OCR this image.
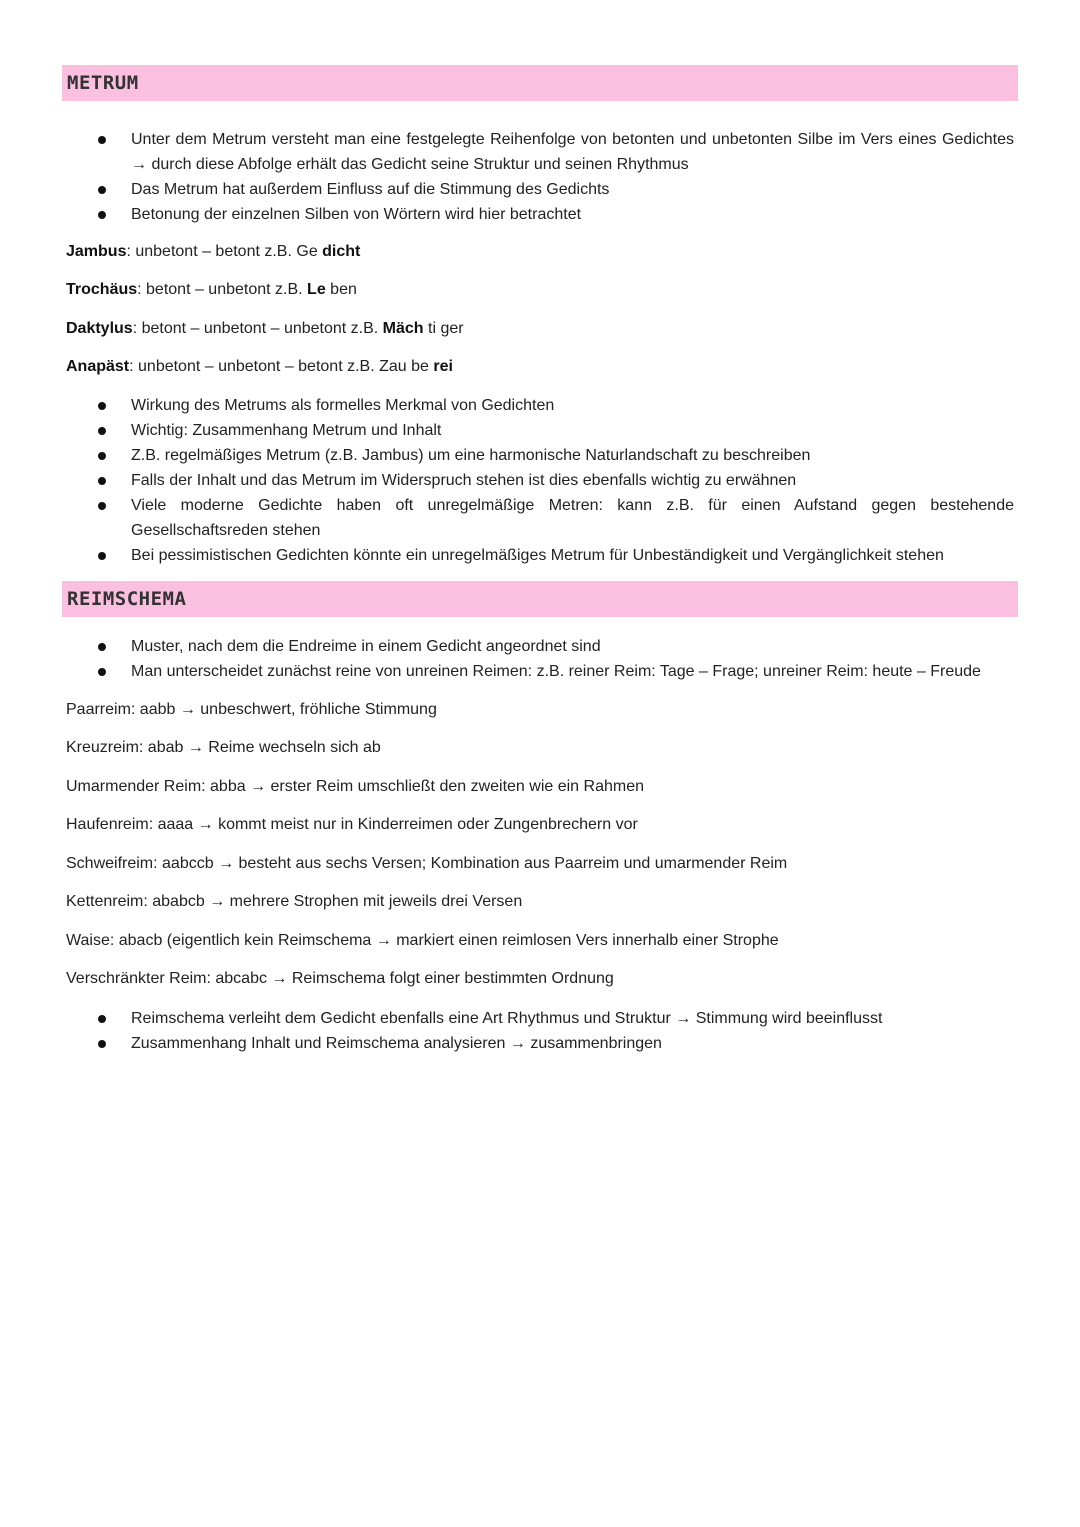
METRUM
Unter dem Metrum versteht man eine festgelegte Reihenfolge von betonten und unbetonten Silbe im Vers eines Gedichtes → durch diese Abfolge erhält das Gedicht seine Struktur und seinen Rhythmus
Das Metrum hat außerdem Einfluss auf die Stimmung des Gedichts
Betonung der einzelnen Silben von Wörtern wird hier betrachtet
Jambus: unbetont – betont z.B. Ge dicht
Trochäus: betont – unbetont z.B. Le ben
Daktylus: betont – unbetont – unbetont z.B. Mäch ti ger
Anapäst: unbetont – unbetont – betont z.B. Zau be rei
Wirkung des Metrums als formelles Merkmal von Gedichten
Wichtig: Zusammenhang Metrum und Inhalt
Z.B. regelmäßiges Metrum (z.B. Jambus) um eine harmonische Naturlandschaft zu beschreiben
Falls der Inhalt und das Metrum im Widerspruch stehen ist dies ebenfalls wichtig zu erwähnen
Viele moderne Gedichte haben oft unregelmäßige Metren: kann z.B. für einen Aufstand gegen bestehende Gesellschaftsreden stehen
Bei pessimistischen Gedichten könnte ein unregelmäßiges Metrum für Unbeständigkeit und Vergänglichkeit stehen
REIMSCHEMA
Muster, nach dem die Endreime in einem Gedicht angeordnet sind
Man unterscheidet zunächst reine von unreinen Reimen: z.B. reiner Reim: Tage – Frage; unreiner Reim: heute – Freude
Paarreim: aabb → unbeschwert, fröhliche Stimmung
Kreuzreim: abab → Reime wechseln sich ab
Umarmender Reim: abba → erster Reim umschließt den zweiten wie ein Rahmen
Haufenreim: aaaa → kommt meist nur in Kinderreimen oder Zungenbrechern vor
Schweifreim: aabccb → besteht aus sechs Versen; Kombination aus Paarreim und umarmender Reim
Kettenreim: ababcb → mehrere Strophen mit jeweils drei Versen
Waise: abacb (eigentlich kein Reimschema → markiert einen reimlosen Vers innerhalb einer Strophe
Verschränkter Reim: abcabc → Reimschema folgt einer bestimmten Ordnung
Reimschema verleiht dem Gedicht ebenfalls eine Art Rhythmus und Struktur → Stimmung wird beeinflusst
Zusammenhang Inhalt und Reimschema analysieren → zusammenbringen
